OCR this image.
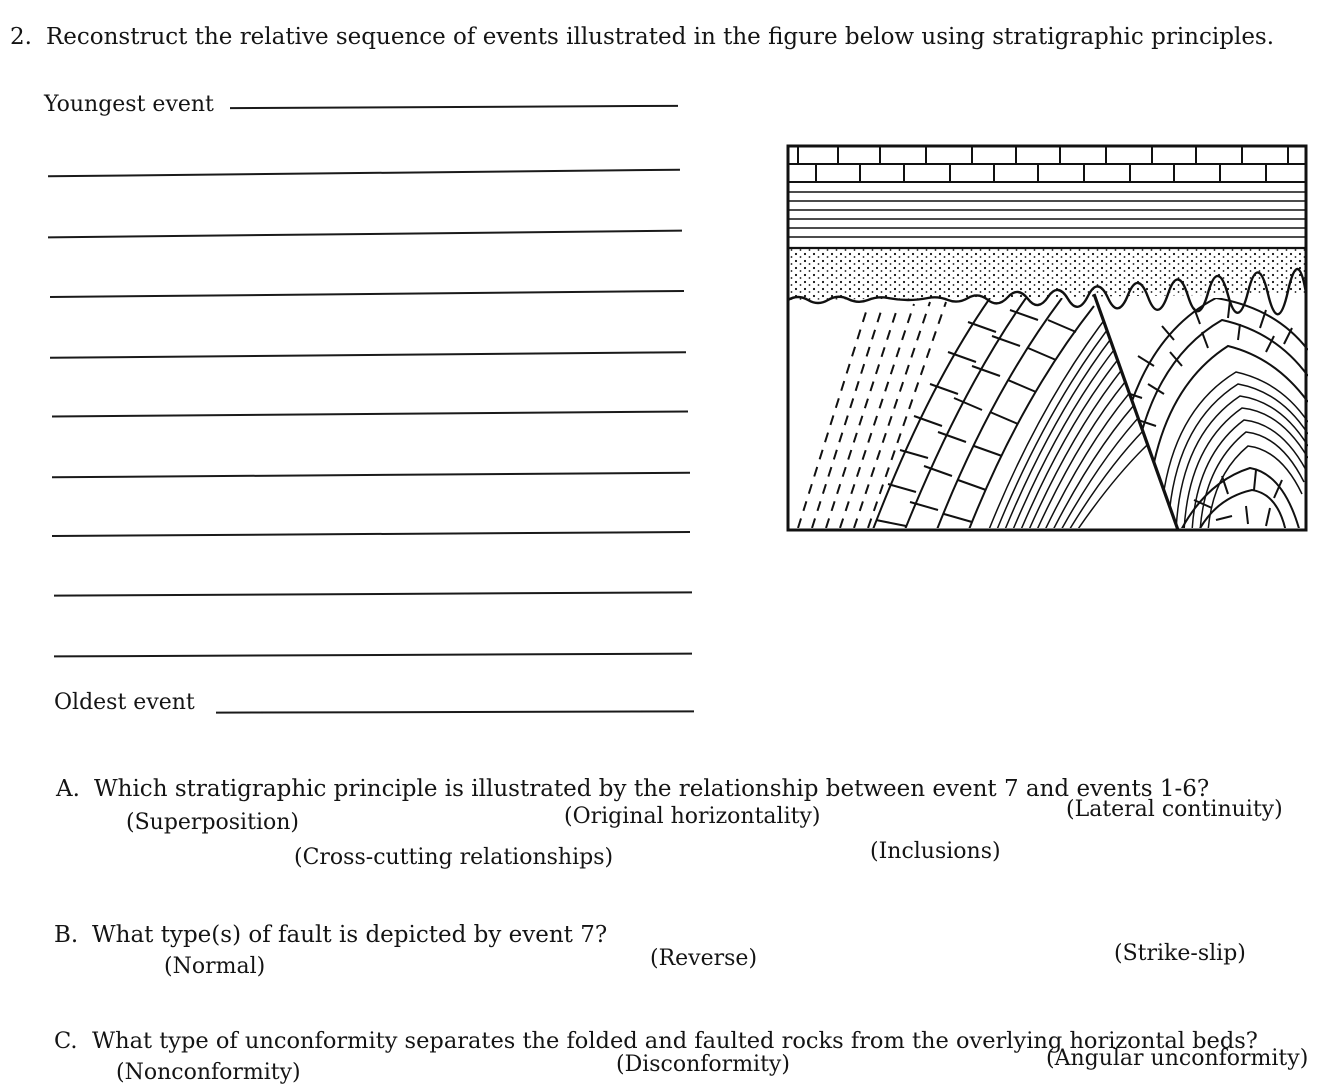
2. Reconstruct the relative sequence of events illustrated in the figure below using stratigraphic principles.
Youngest event
Oldest event
A. Which stratigraphic principle is illustrated by the relationship between event 7 and events 1-6?
(Superposition)	(Original horizontality)	(Lateral continuity)
(Cross-cutting relationships)	(Inclusions)
B. What type(s) of fault is depicted by event 7?
(Normal)	(Reverse)	(Strike-slip)
C. What type of unconformity separates the folded and faulted rocks from the overlying horizontal beds?
(Nonconformity)	(Disconformity)	(Angular unconformity)
